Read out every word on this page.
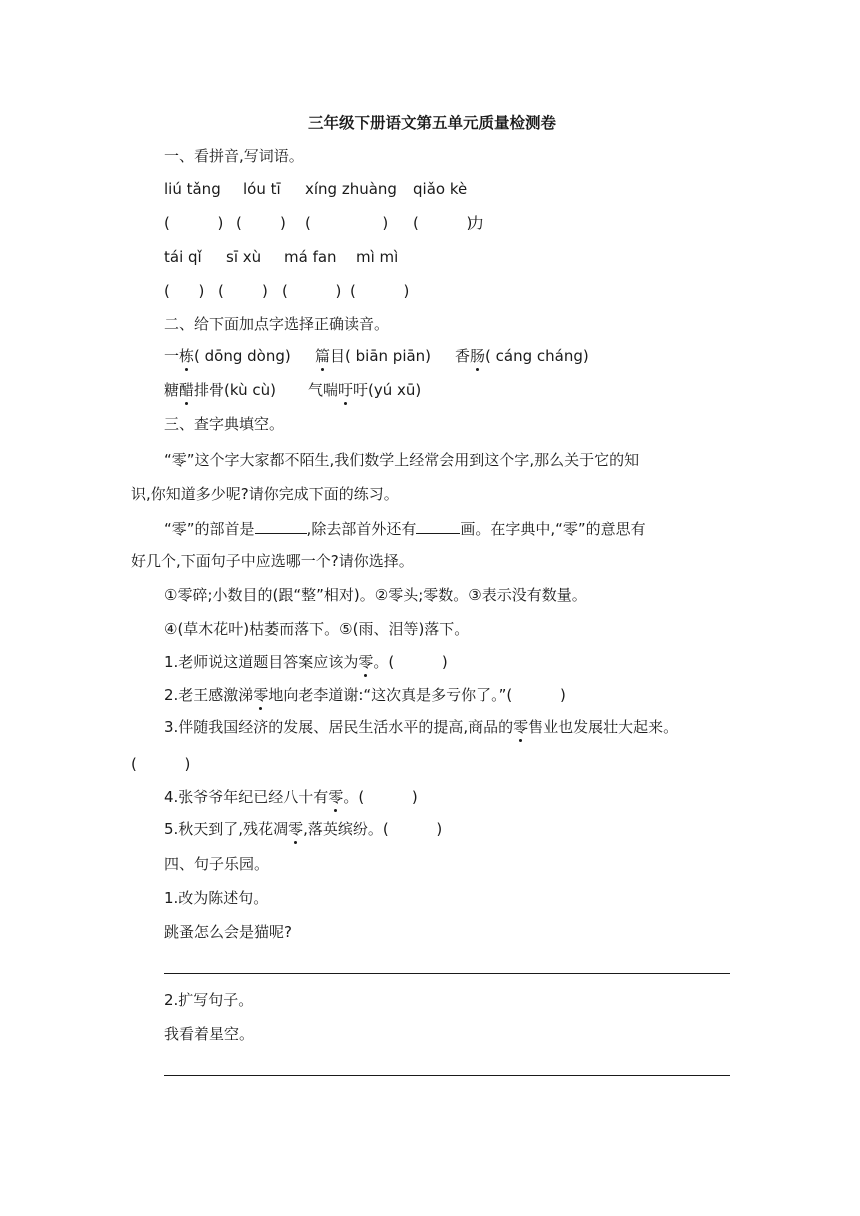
三年级下册语文第五单元质量检测卷
一、看拼音,写词语。
liú tǎng lóu tī xíng zhuàng qiǎo kè
(          ) (        ) (               ) (          )
力
tái qǐ sī xù má fan mì mì
(      ) (        ) (          ) (          )
二、给下面加点字选择正确读音。
一栋( dōng dòng) 篇目( biān piān) 香肠( cáng cháng)
糖醋排骨(kù cù) 气喘吁吁(yú xū)
三、查字典填空。
“零”这个字大家都不陌生,我们数学上经常会用到这个字,那么关于它的知
识,你知道多少呢?请你完成下面的练习。
“零”的部首是	,除去部首外还有	画。在字典中,“零”的意思有
好几个,下面句子中应选哪一个?请你选择。
①零碎;小数目的(跟“整”相对)。②零头;零数。③表示没有数量。
④(草木花叶)枯萎而落下。⑤(雨、泪等)落下。
1.老师说这道题目答案应该为零。(          )
2.老王感激涕零地向老李道谢:“这次真是多亏你了。”(          )
3.伴随我国经济的发展、居民生活水平的提高,商品的零售业也发展壮大起来。
(          )
4.张爷爷年纪已经八十有零。(          )
5.秋天到了,残花凋零,落英缤纷。(          )
四、句子乐园。
1.改为陈述句。
跳蚤怎么会是猫呢?
2.扩写句子。
我看着星空。
